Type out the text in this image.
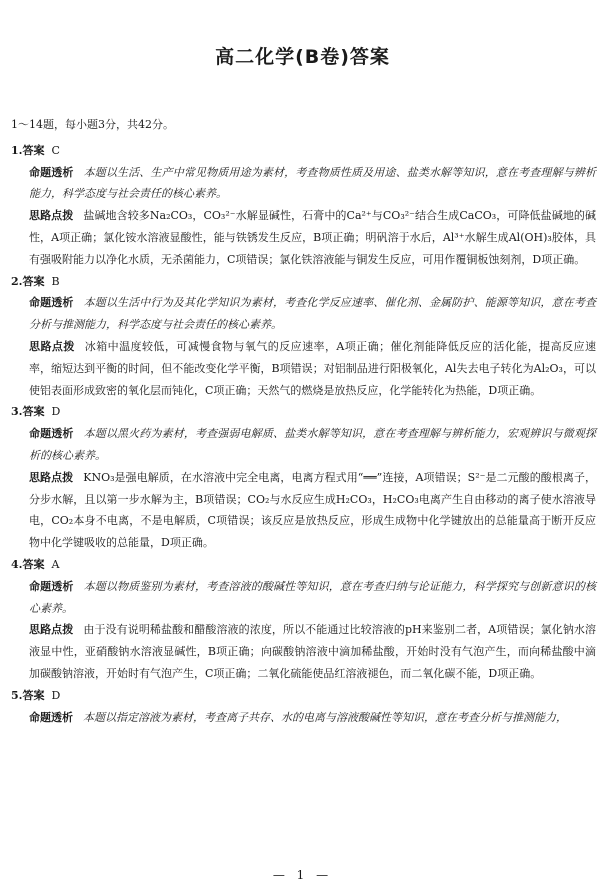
高二化学(B卷)答案

1～14题，每小题3分，共42分。

1.答案 C

命题透析 本题以生活、生产中常见物质用途为素材，考查物质性质及用途、盐类水解等知识，意在考查理解与辨析能力，科学态度与社会责任的核心素养。

思路点拨 盐碱地含较多Na₂CO₃，CO₃²⁻水解显碱性，石膏中的Ca²⁺与CO₃²⁻结合生成CaCO₃，可降低盐碱地的碱性，A项正确；氯化铵水溶液显酸性，能与铁锈发生反应，B项正确；明矾溶于水后，Al³⁺水解生成Al(OH)₃胶体，具有强吸附能力以净化水质，无杀菌能力，C项错误；氯化铁溶液能与铜发生反应，可用作覆铜板蚀刻剂，D项正确。

2.答案 B

命题透析 本题以生活中行为及其化学知识为素材，考查化学反应速率、催化剂、金属防护、能源等知识，意在考查分析与推测能力，科学态度与社会责任的核心素养。

思路点拨 冰箱中温度较低，可减慢食物与氧气的反应速率，A项正确；催化剂能降低反应的活化能，提高反应速率，缩短达到平衡的时间，但不能改变化学平衡，B项错误；对铝制品进行阳极氧化，Al失去电子转化为Al₂O₃，可以使铝表面形成致密的氧化层而钝化，C项正确；天然气的燃烧是放热反应，化学能转化为热能，D项正确。

3.答案 D

命题透析 本题以黑火药为素材，考查强弱电解质、盐类水解等知识，意在考查理解与辨析能力，宏观辨识与微观探析的核心素养。

思路点拨 KNO₃是强电解质，在水溶液中完全电离，电离方程式用“══”连接，A项错误；S²⁻是二元酸的酸根离子，分步水解，且以第一步水解为主，B项错误；CO₂与水反应生成H₂CO₃，H₂CO₃电离产生自由移动的离子使水溶液导电，CO₂本身不电离，不是电解质，C项错误；该反应是放热反应，形成生成物中化学键放出的总能量高于断开反应物中化学键吸收的总能量，D项正确。

4.答案 A

命题透析 本题以物质鉴别为素材，考查溶液的酸碱性等知识，意在考查归纳与论证能力，科学探究与创新意识的核心素养。

思路点拨 由于没有说明稀盐酸和醋酸溶液的浓度，所以不能通过比较溶液的pH来鉴别二者，A项错误；氯化钠水溶液显中性，亚硝酸钠水溶液显碱性，B项正确；向碳酸钠溶液中滴加稀盐酸，开始时没有气泡产生，而向稀盐酸中滴加碳酸钠溶液，开始时有气泡产生，C项正确；二氧化硫能使品红溶液褪色，而二氧化碳不能，D项正确。

5.答案 D

命题透析 本题以指定溶液为素材，考查离子共存、水的电离与溶液酸碱性等知识，意在考查分析与推测能力，

— 1 —
